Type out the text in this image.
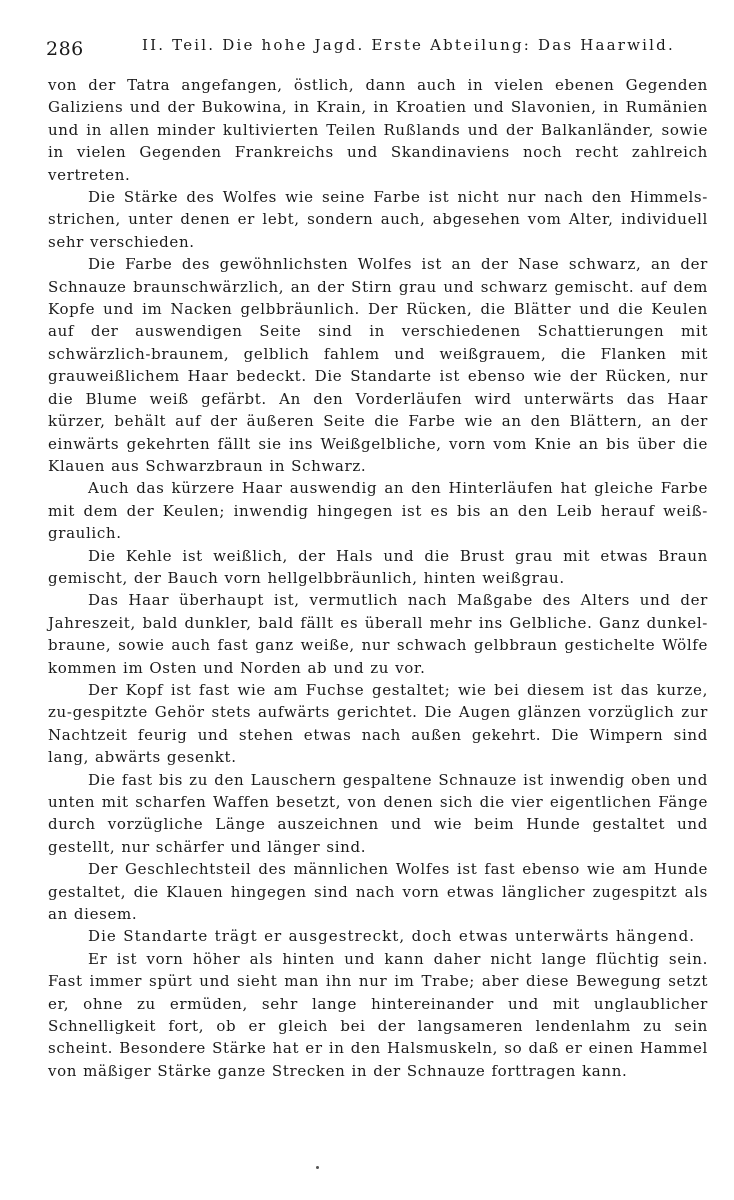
286	II. Teil. Die hohe Jagd. Erste Abteilung: Das Haarwild.

von der Tatra angefangen, östlich, dann auch in vielen ebenen Gegenden Galiziens und der Bukowina, in Krain, in Kroatien und Slavonien, in Rumänien und in allen minder kultivierten Teilen Rußlands und der Balkanländer, sowie in vielen Gegenden Frankreichs und Skandinaviens noch recht zahlreich vertreten.

Die Stärke des Wolfes wie seine Farbe ist nicht nur nach den Himmels-strichen, unter denen er lebt, sondern auch, abgesehen vom Alter, individuell sehr verschieden.

Die Farbe des gewöhnlichsten Wolfes ist an der Nase schwarz, an der Schnauze braunschwärzlich, an der Stirn grau und schwarz gemischt. auf dem Kopfe und im Nacken gelbbräunlich. Der Rücken, die Blätter und die Keulen auf der auswendigen Seite sind in verschiedenen Schattierungen mit schwärzlich-braunem, gelblich fahlem und weißgrauem, die Flanken mit grauweißlichem Haar bedeckt. Die Standarte ist ebenso wie der Rücken, nur die Blume weiß gefärbt. An den Vorderläufen wird unterwärts das Haar kürzer, behält auf der äußeren Seite die Farbe wie an den Blättern, an der einwärts gekehrten fällt sie ins Weißgelbliche, vorn vom Knie an bis über die Klauen aus Schwarzbraun in Schwarz.

Auch das kürzere Haar auswendig an den Hinterläufen hat gleiche Farbe mit dem der Keulen; inwendig hingegen ist es bis an den Leib herauf weiß-graulich.

Die Kehle ist weißlich, der Hals und die Brust grau mit etwas Braun gemischt, der Bauch vorn hellgelbbräunlich, hinten weißgrau.

Das Haar überhaupt ist, vermutlich nach Maßgabe des Alters und der Jahreszeit, bald dunkler, bald fällt es überall mehr ins Gelbliche. Ganz dunkel-braune, sowie auch fast ganz weiße, nur schwach gelbbraun gestichelte Wölfe kommen im Osten und Norden ab und zu vor.

Der Kopf ist fast wie am Fuchse gestaltet; wie bei diesem ist das kurze, zu-gespitzte Gehör stets aufwärts gerichtet. Die Augen glänzen vorzüglich zur Nachtzeit feurig und stehen etwas nach außen gekehrt. Die Wimpern sind lang, abwärts gesenkt.

Die fast bis zu den Lauschern gespaltene Schnauze ist inwendig oben und unten mit scharfen Waffen besetzt, von denen sich die vier eigentlichen Fänge durch vorzügliche Länge auszeichnen und wie beim Hunde gestaltet und gestellt, nur schärfer und länger sind.

Der Geschlechtsteil des männlichen Wolfes ist fast ebenso wie am Hunde gestaltet, die Klauen hingegen sind nach vorn etwas länglicher zugespitzt als an diesem.

Die Standarte trägt er ausgestreckt, doch etwas unterwärts hängend.

Er ist vorn höher als hinten und kann daher nicht lange flüchtig sein. Fast immer spürt und sieht man ihn nur im Trabe; aber diese Bewegung setzt er, ohne zu ermüden, sehr lange hintereinander und mit unglaublicher Schnelligkeit fort, ob er gleich bei der langsameren lendenlahm zu sein scheint. Besondere Stärke hat er in den Halsmuskeln, so daß er einen Hammel von mäßiger Stärke ganze Strecken in der Schnauze forttragen kann.
